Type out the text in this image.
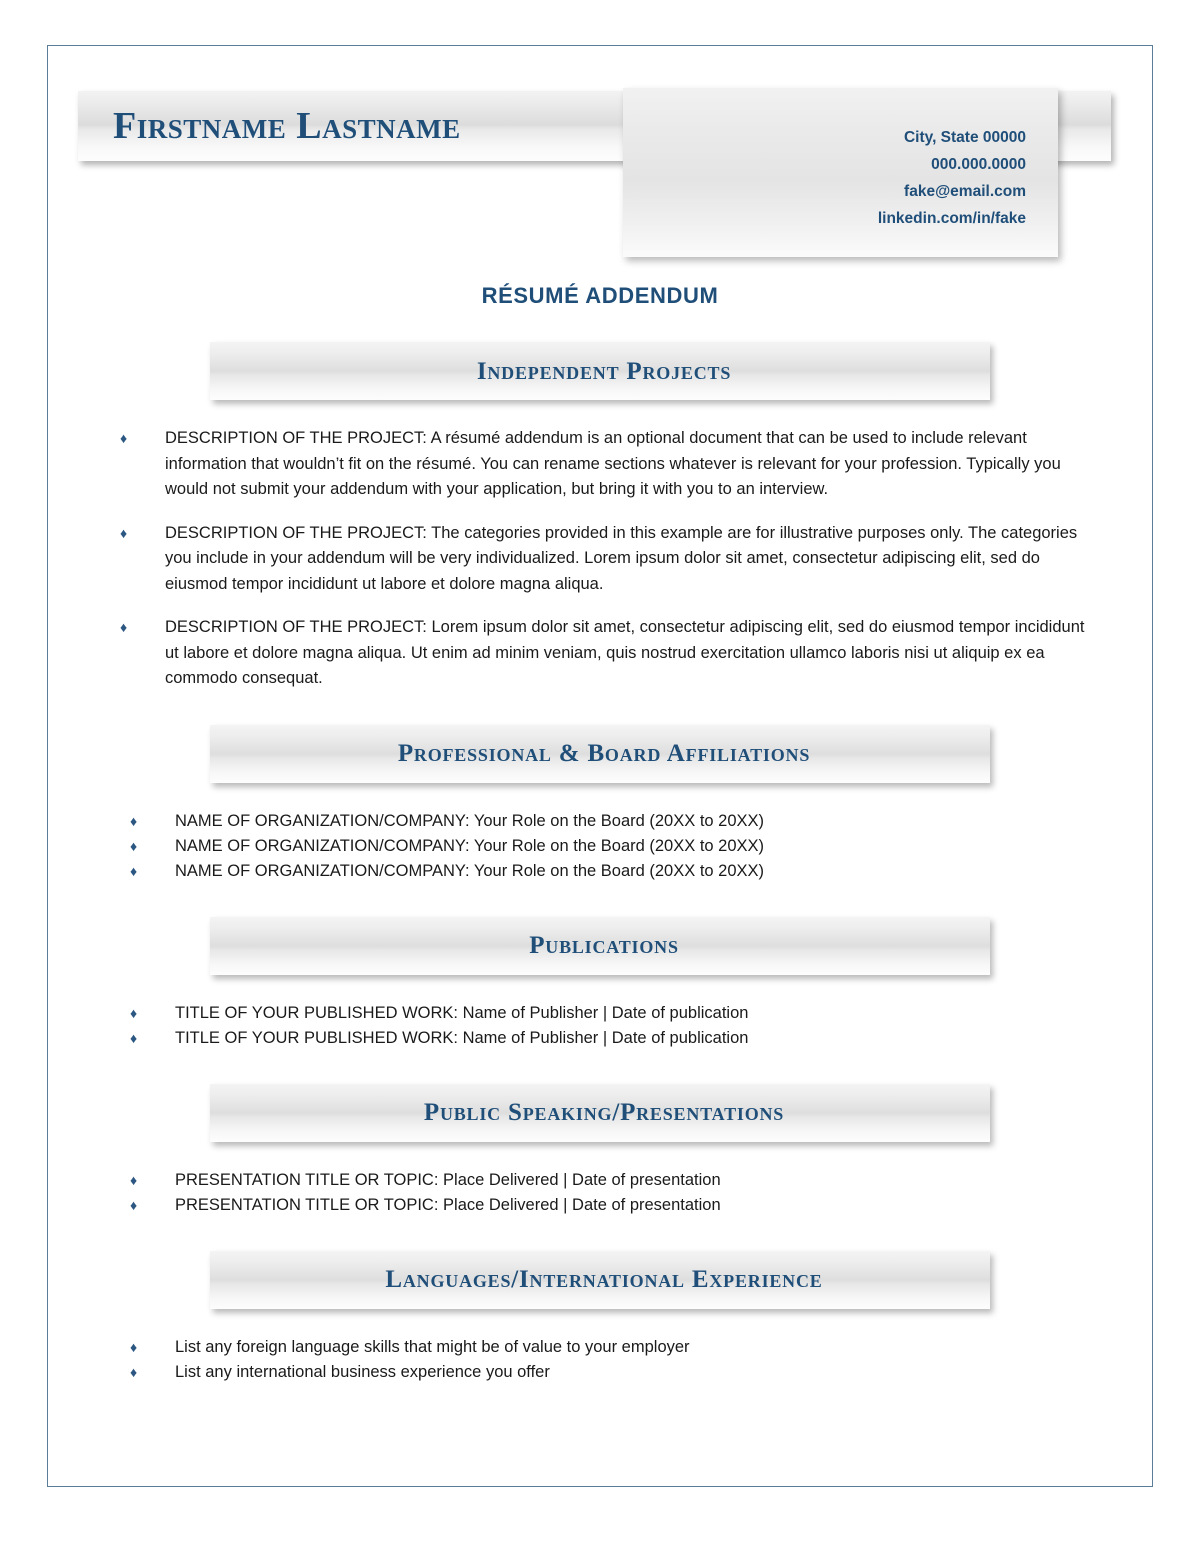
Firstname Lastname	City, State 00000
000.000.0000
fake@email.com
linkedin.com/in/fake
RÉSUMÉ ADDENDUM
Independent Projects
♦ DESCRIPTION OF THE PROJECT: A résumé addendum is an optional document that can be used to include relevant information that wouldn’t fit on the résumé. You can rename sections whatever is relevant for your profession. Typically you would not submit your addendum with your application, but bring it with you to an interview.
♦ DESCRIPTION OF THE PROJECT: The categories provided in this example are for illustrative purposes only. The categories you include in your addendum will be very individualized. Lorem ipsum dolor sit amet, consectetur adipiscing elit, sed do eiusmod tempor incididunt ut labore et dolore magna aliqua.
♦ DESCRIPTION OF THE PROJECT: Lorem ipsum dolor sit amet, consectetur adipiscing elit, sed do eiusmod tempor incididunt ut labore et dolore magna aliqua. Ut enim ad minim veniam, quis nostrud exercitation ullamco laboris nisi ut aliquip ex ea commodo consequat.
Professional & Board Affiliations
♦ NAME OF ORGANIZATION/COMPANY: Your Role on the Board (20XX to 20XX)
♦ NAME OF ORGANIZATION/COMPANY: Your Role on the Board (20XX to 20XX)
♦ NAME OF ORGANIZATION/COMPANY: Your Role on the Board (20XX to 20XX)
Publications
♦ TITLE OF YOUR PUBLISHED WORK: Name of Publisher | Date of publication
♦ TITLE OF YOUR PUBLISHED WORK: Name of Publisher | Date of publication
Public Speaking/Presentations
♦ PRESENTATION TITLE OR TOPIC: Place Delivered | Date of presentation
♦ PRESENTATION TITLE OR TOPIC: Place Delivered | Date of presentation
Languages/International Experience
♦ List any foreign language skills that might be of value to your employer
♦ List any international business experience you offer
